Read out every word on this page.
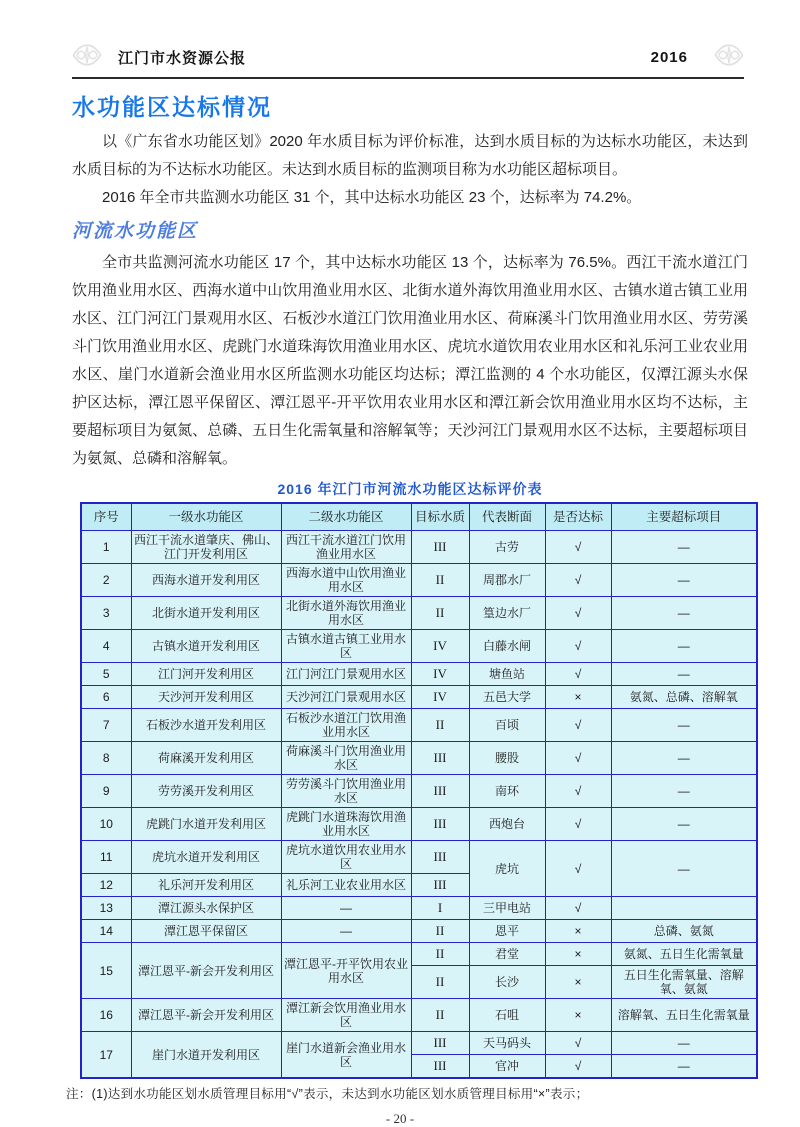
江门市水资源公报	2016
水功能区达标情况
以《广东省水功能区划》2020 年水质目标为评价标准，达到水质目标的为达标水功能区，未达到水质目标的为不达标水功能区。未达到水质目标的监测项目称为水功能区超标项目。
2016 年全市共监测水功能区 31 个，其中达标水功能区 23 个，达标率为 74.2%。
河流水功能区
全市共监测河流水功能区 17 个，其中达标水功能区 13 个，达标率为 76.5%。西江干流水道江门饮用渔业用水区、西海水道中山饮用渔业用水区、北街水道外海饮用渔业用水区、古镇水道古镇工业用水区、江门河江门景观用水区、石板沙水道江门饮用渔业用水区、荷麻溪斗门饮用渔业用水区、劳劳溪斗门饮用渔业用水区、虎跳门水道珠海饮用渔业用水区、虎坑水道饮用农业用水区和礼乐河工业农业用水区、崖门水道新会渔业用水区所监测水功能区均达标；潭江监测的 4 个水功能区，仅潭江源头水保护区达标，潭江恩平保留区、潭江恩平-开平饮用农业用水区和潭江新会饮用渔业用水区均不达标，主要超标项目为氨氮、总磷、五日生化需氧量和溶解氧等；天沙河江门景观用水区不达标，主要超标项目为氨氮、总磷和溶解氧。
2016 年江门市河流水功能区达标评价表
序号	一级水功能区	二级水功能区	目标水质	代表断面	是否达标	主要超标项目
1	西江干流水道肇庆、佛山、江门开发利用区	西江干流水道江门饮用渔业用水区	III	古劳	√	—
2	西海水道开发利用区	西海水道中山饮用渔业用水区	II	周郡水厂	√	—
3	北街水道开发利用区	北街水道外海饮用渔业用水区	II	篁边水厂	√	—
4	古镇水道开发利用区	古镇水道古镇工业用水区	IV	白藤水闸	√	—
5	江门河开发利用区	江门河江门景观用水区	IV	塘鱼站	√	—
6	天沙河开发利用区	天沙河江门景观用水区	IV	五邑大学	×	氨氮、总磷、溶解氧
7	石板沙水道开发利用区	石板沙水道江门饮用渔业用水区	II	百顷	√	—
8	荷麻溪开发利用区	荷麻溪斗门饮用渔业用水区	III	腰股	√	—
9	劳劳溪开发利用区	劳劳溪斗门饮用渔业用水区	III	南环	√	—
10	虎跳门水道开发利用区	虎跳门水道珠海饮用渔业用水区	III	西炮台	√	—
11	虎坑水道开发利用区	虎坑水道饮用农业用水区	III	虎坑	√	—
12	礼乐河开发利用区	礼乐河工业农业用水区	III			
13	潭江源头水保护区	—	I	三甲电站	√	
14	潭江恩平保留区	—	II	恩平	×	总磷、氨氮
15	潭江恩平-新会开发利用区	潭江恩平-开平饮用农业用水区	II	君堂	×	氨氮、五日生化需氧量
			II	长沙	×	五日生化需氧量、溶解氧、氨氮
16	潭江恩平-新会开发利用区	潭江新会饮用渔业用水区	II	石咀	×	溶解氧、五日生化需氧量
17	崖门水道开发利用区	崖门水道新会渔业用水区	III	天马码头	√	—
			III	官冲	√	—
注：(1)达到水功能区划水质管理目标用“√”表示，未达到水功能区划水质管理目标用“×”表示；
- 20 -
